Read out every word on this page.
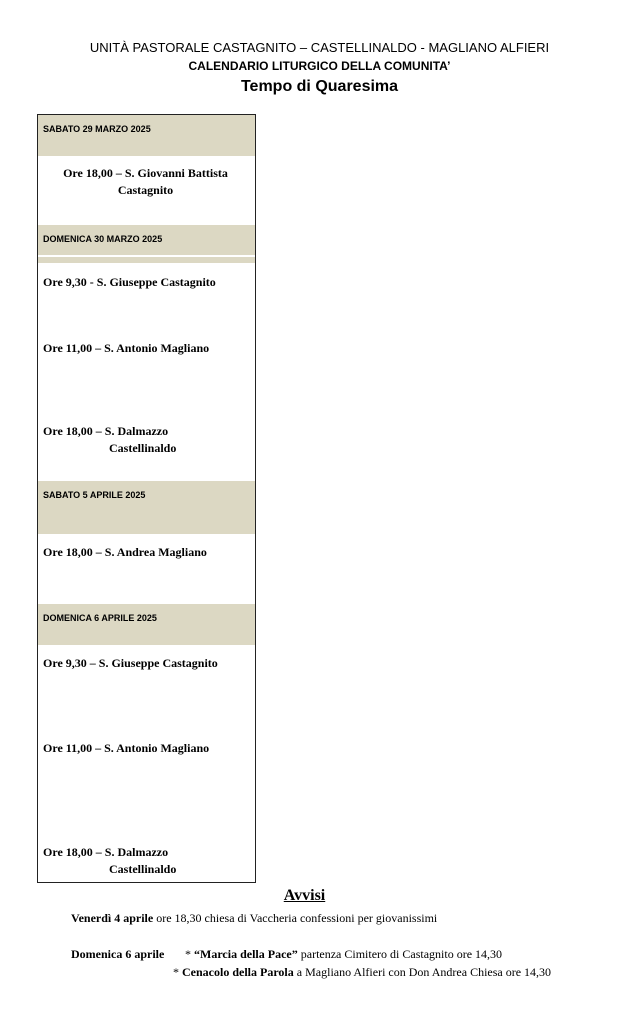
UNITÀ PASTORALE CASTAGNITO – CASTELLINALDO - MAGLIANO ALFIERI

CALENDARIO LITURGICO DELLA COMUNITA’

Tempo di Quaresima

SABATO 29 MARZO 2025
Ore 18,00 – S. Giovanni Battista
Castagnito
DOMENICA 30 MARZO 2025
Ore 9,30 - S. Giuseppe Castagnito
Ore 11,00 – S. Antonio Magliano
Ore 18,00 – S. Dalmazzo
Castellinaldo
SABATO 5 APRILE 2025
Ore 18,00 – S. Andrea Magliano
DOMENICA 6 APRILE 2025
Ore 9,30 – S. Giuseppe Castagnito
Ore 11,00 – S. Antonio Magliano
Ore 18,00 – S. Dalmazzo
Castellinaldo
Avvisi
Venerdì 4 aprile ore 18,30 chiesa di Vaccheria confessioni per giovanissimi
Domenica 6 aprile * “Marcia della Pace” partenza Cimitero di Castagnito ore 14,30
* Cenacolo della Parola a Magliano Alfieri con Don Andrea Chiesa ore 14,30
